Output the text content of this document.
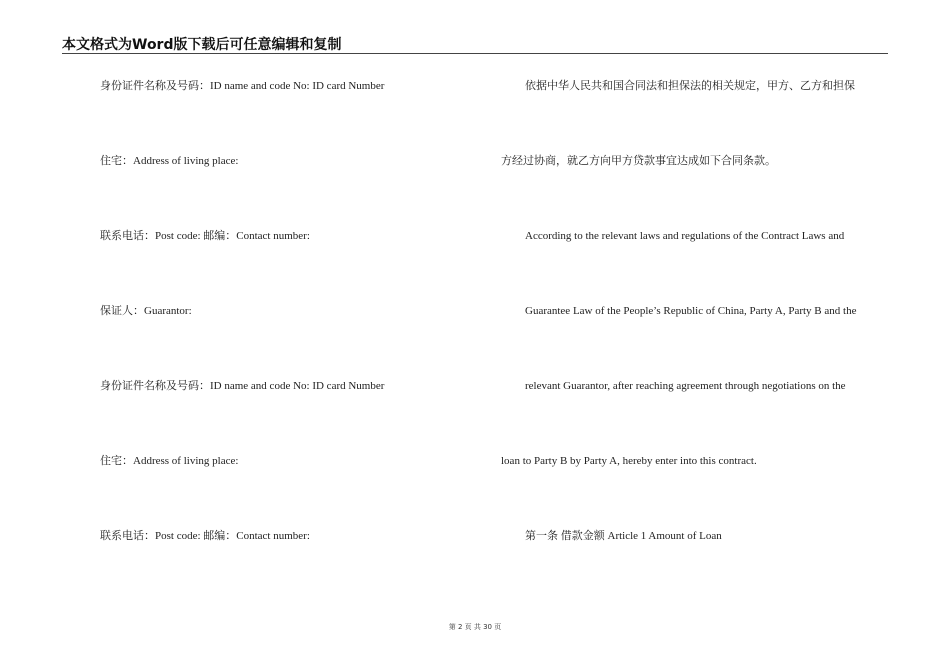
本文格式为Word版下载后可任意编辑和复制
身份证件名称及号码：ID name and code No: ID card Number
住宅：Address of living place:
联系电话：Post code: 邮编：Contact number:
保证人：Guarantor:
身份证件名称及号码：ID name and code No: ID card Number
住宅：Address of living place:
联系电话：Post code: 邮编：Contact number:
依据中华人民共和国合同法和担保法的相关规定，甲方、乙方和担保
方经过协商，就乙方向甲方贷款事宜达成如下合同条款。
According to the relevant laws and regulations of the Contract Laws and
Guarantee Law of the People’s Republic of China, Party A, Party B and the
relevant Guarantor, after reaching agreement through negotiations on the
loan to Party B by Party A, hereby enter into this contract.
第一条 借款金额 Article 1 Amount of Loan
第 2 页 共 30 页
